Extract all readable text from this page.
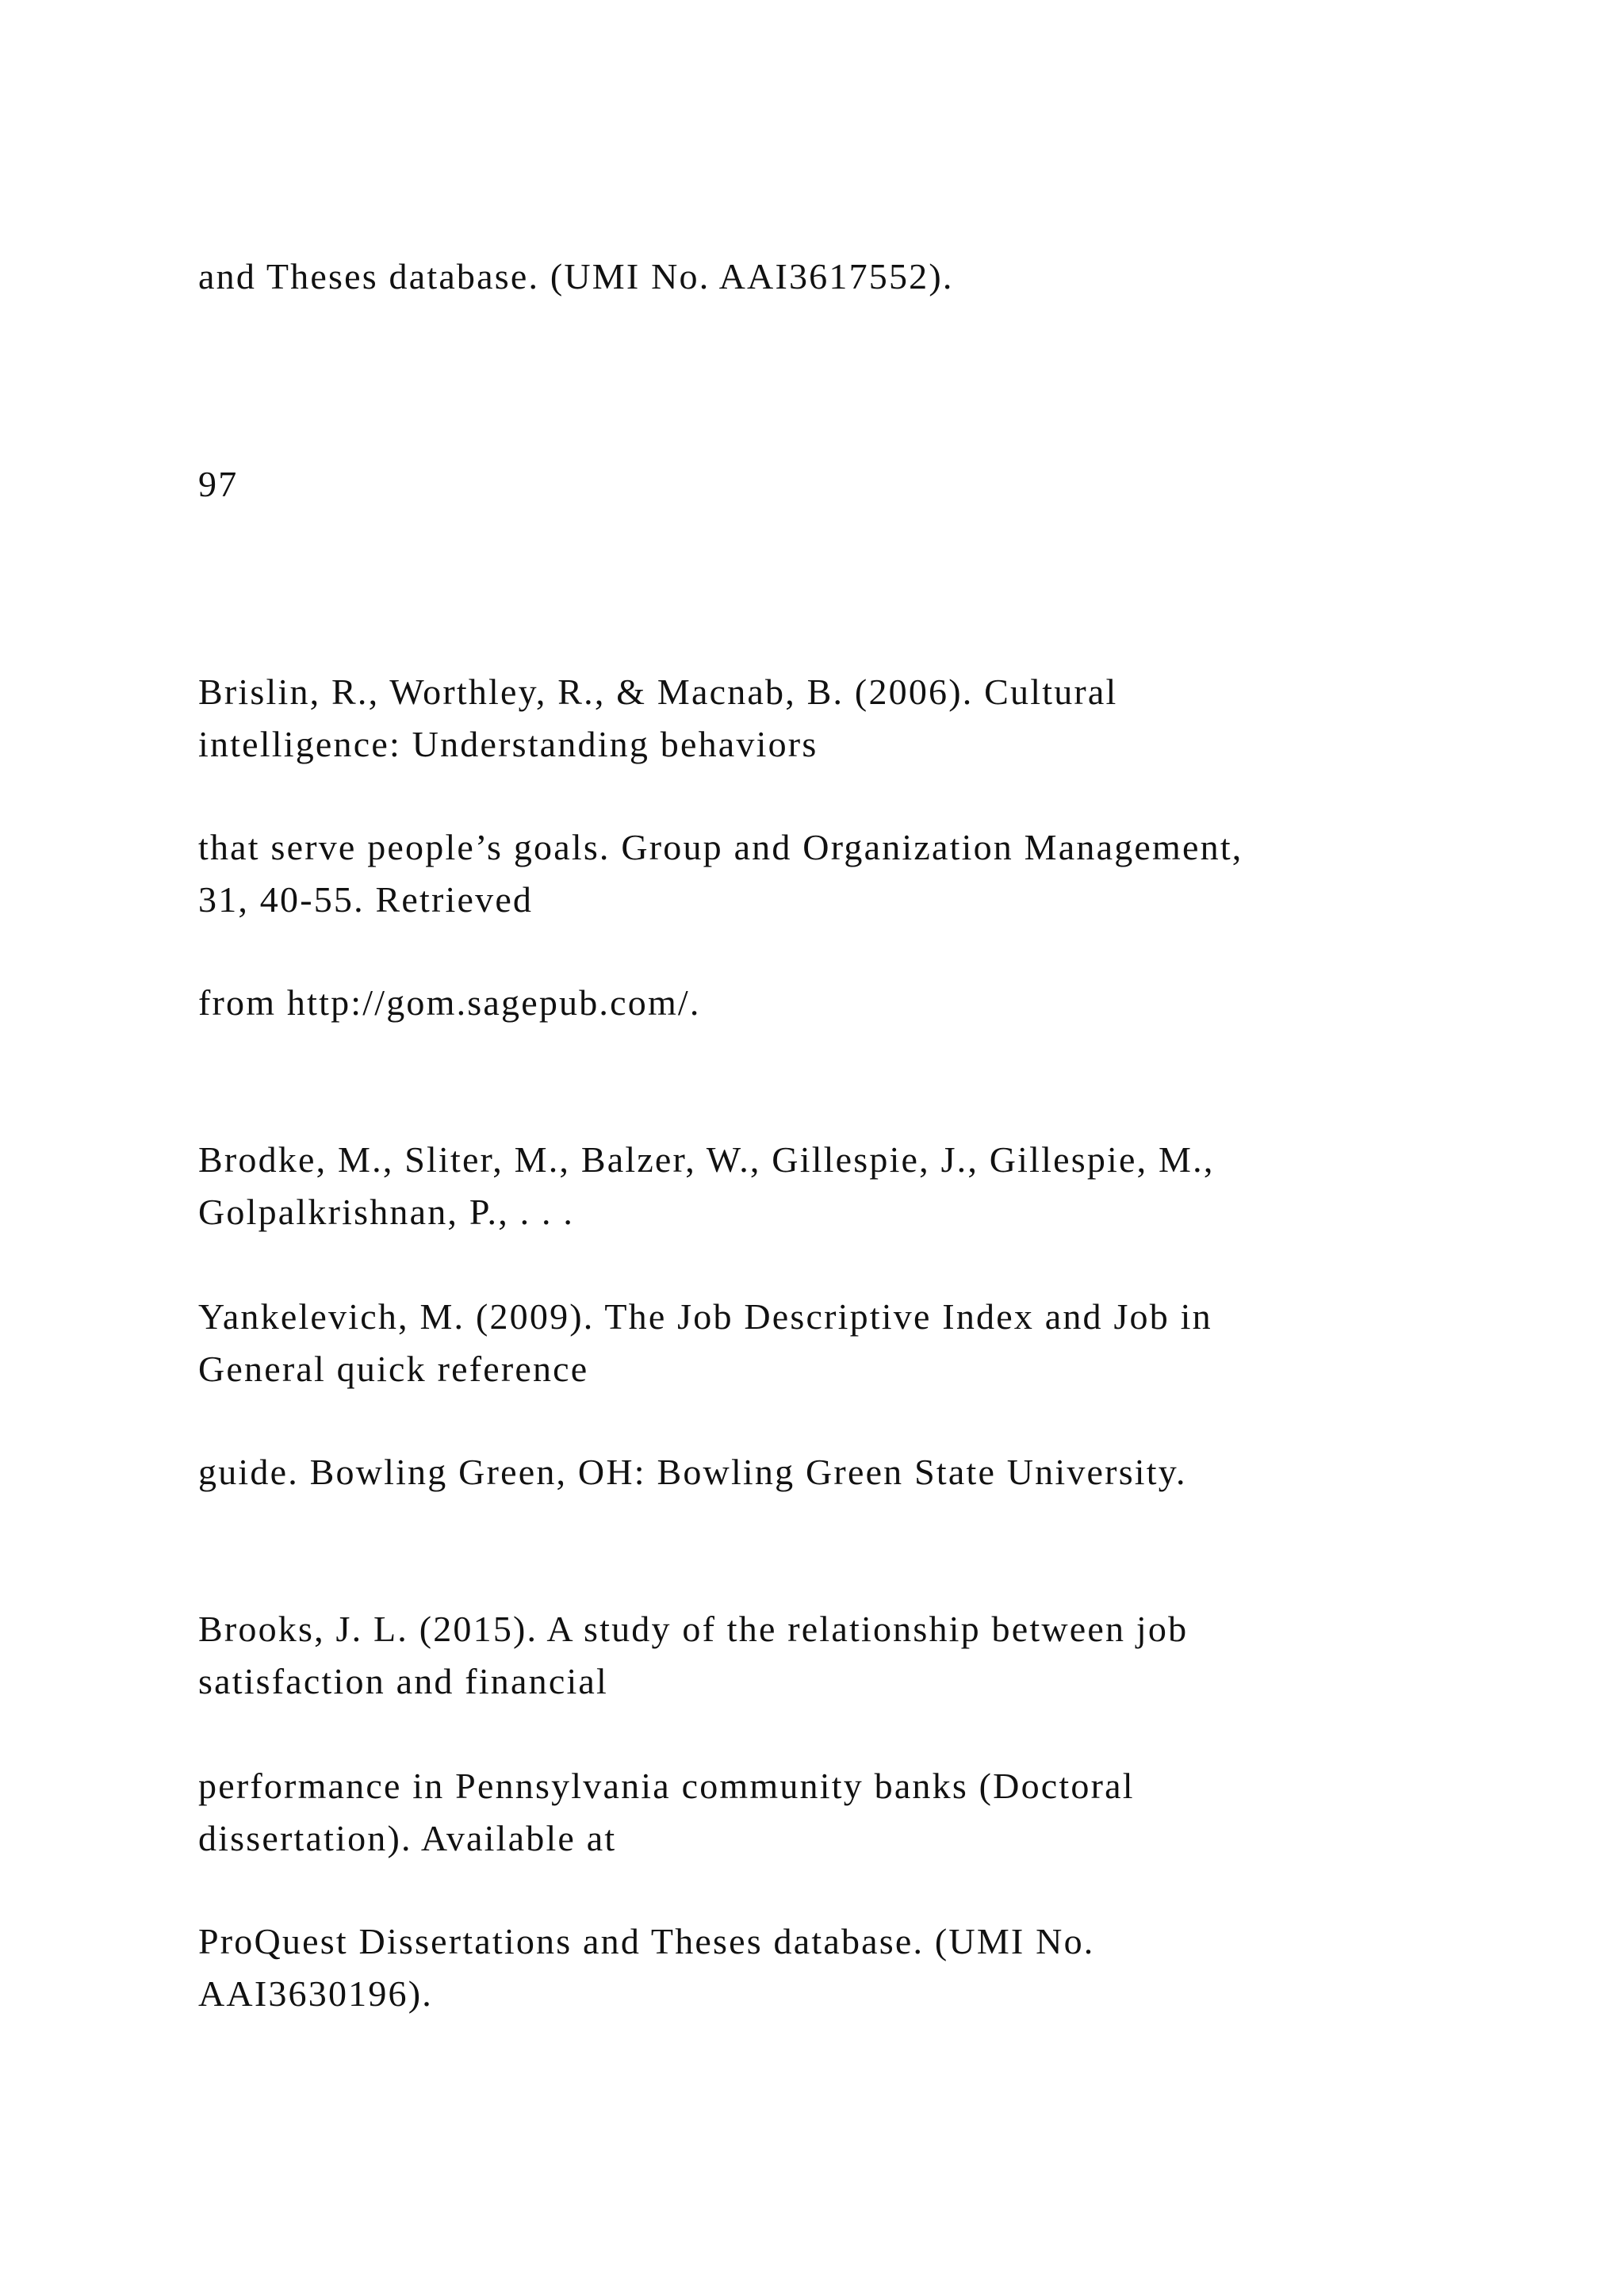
and Theses database. (UMI No. AAI3617552).

97

Brislin, R., Worthley, R., & Macnab, B. (2006). Cultural

intelligence: Understanding behaviors

that serve people’s goals. Group and Organization Management,

31, 40-55. Retrieved

from http://gom.sagepub.com/.

Brodke, M., Sliter, M., Balzer, W., Gillespie, J., Gillespie, M.,

Golpalkrishnan, P., . . .

Yankelevich, M. (2009). The Job Descriptive Index and Job in

General quick reference

guide. Bowling Green, OH: Bowling Green State University.

Brooks, J. L. (2015). A study of the relationship between job

satisfaction and financial

performance in Pennsylvania community banks (Doctoral

dissertation). Available at

ProQuest Dissertations and Theses database. (UMI No.

AAI3630196).
